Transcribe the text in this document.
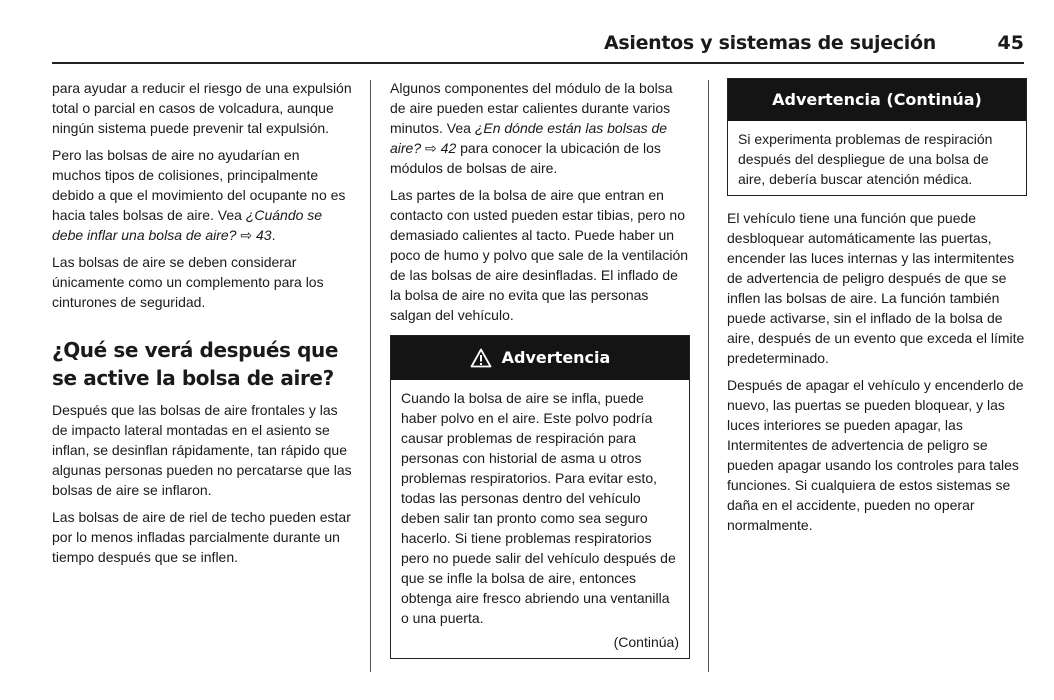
Asientos y sistemas de sujeción	45

para ayudar a reducir el riesgo de una expulsión total o parcial en casos de volcadura, aunque ningún sistema puede prevenir tal expulsión.

Pero las bolsas de aire no ayudarían en muchos tipos de colisiones, principalmente debido a que el movimiento del ocupante no es hacia tales bolsas de aire. Vea ¿Cuándo se debe inflar una bolsa de aire? ⇨ 43.

Las bolsas de aire se deben considerar únicamente como un complemento para los cinturones de seguridad.

¿Qué se verá después que se active la bolsa de aire?

Después que las bolsas de aire frontales y las de impacto lateral montadas en el asiento se inflan, se desinflan rápidamente, tan rápido que algunas personas pueden no percatarse que las bolsas de aire se inflaron.

Las bolsas de aire de riel de techo pueden estar por lo menos infladas parcialmente durante un tiempo después que se inflen.

Algunos componentes del módulo de la bolsa de aire pueden estar calientes durante varios minutos. Vea ¿En dónde están las bolsas de aire? ⇨ 42 para conocer la ubicación de los módulos de bolsas de aire.

Las partes de la bolsa de aire que entran en contacto con usted pueden estar tibias, pero no demasiado calientes al tacto. Puede haber un poco de humo y polvo que sale de la ventilación de las bolsas de aire desinfladas. El inflado de la bolsa de aire no evita que las personas salgan del vehículo.

Advertencia
Cuando la bolsa de aire se infla, puede haber polvo en el aire. Este polvo podría causar problemas de respiración para personas con historial de asma u otros problemas respiratorios. Para evitar esto, todas las personas dentro del vehículo deben salir tan pronto como sea seguro hacerlo. Si tiene problemas respiratorios pero no puede salir del vehículo después de que se infle la bolsa de aire, entonces obtenga aire fresco abriendo una ventanilla o una puerta.
(Continúa)
Advertencia (Continúa)
Si experimenta problemas de respiración después del despliegue de una bolsa de aire, debería buscar atención médica.

El vehículo tiene una función que puede desbloquear automáticamente las puertas, encender las luces internas y las intermitentes de advertencia de peligro después de que se inflen las bolsas de aire. La función también puede activarse, sin el inflado de la bolsa de aire, después de un evento que exceda el límite predeterminado.

Después de apagar el vehículo y encenderlo de nuevo, las puertas se pueden bloquear, y las luces interiores se pueden apagar, las Intermitentes de advertencia de peligro se pueden apagar usando los controles para tales funciones. Si cualquiera de estos sistemas se daña en el accidente, pueden no operar normalmente.
